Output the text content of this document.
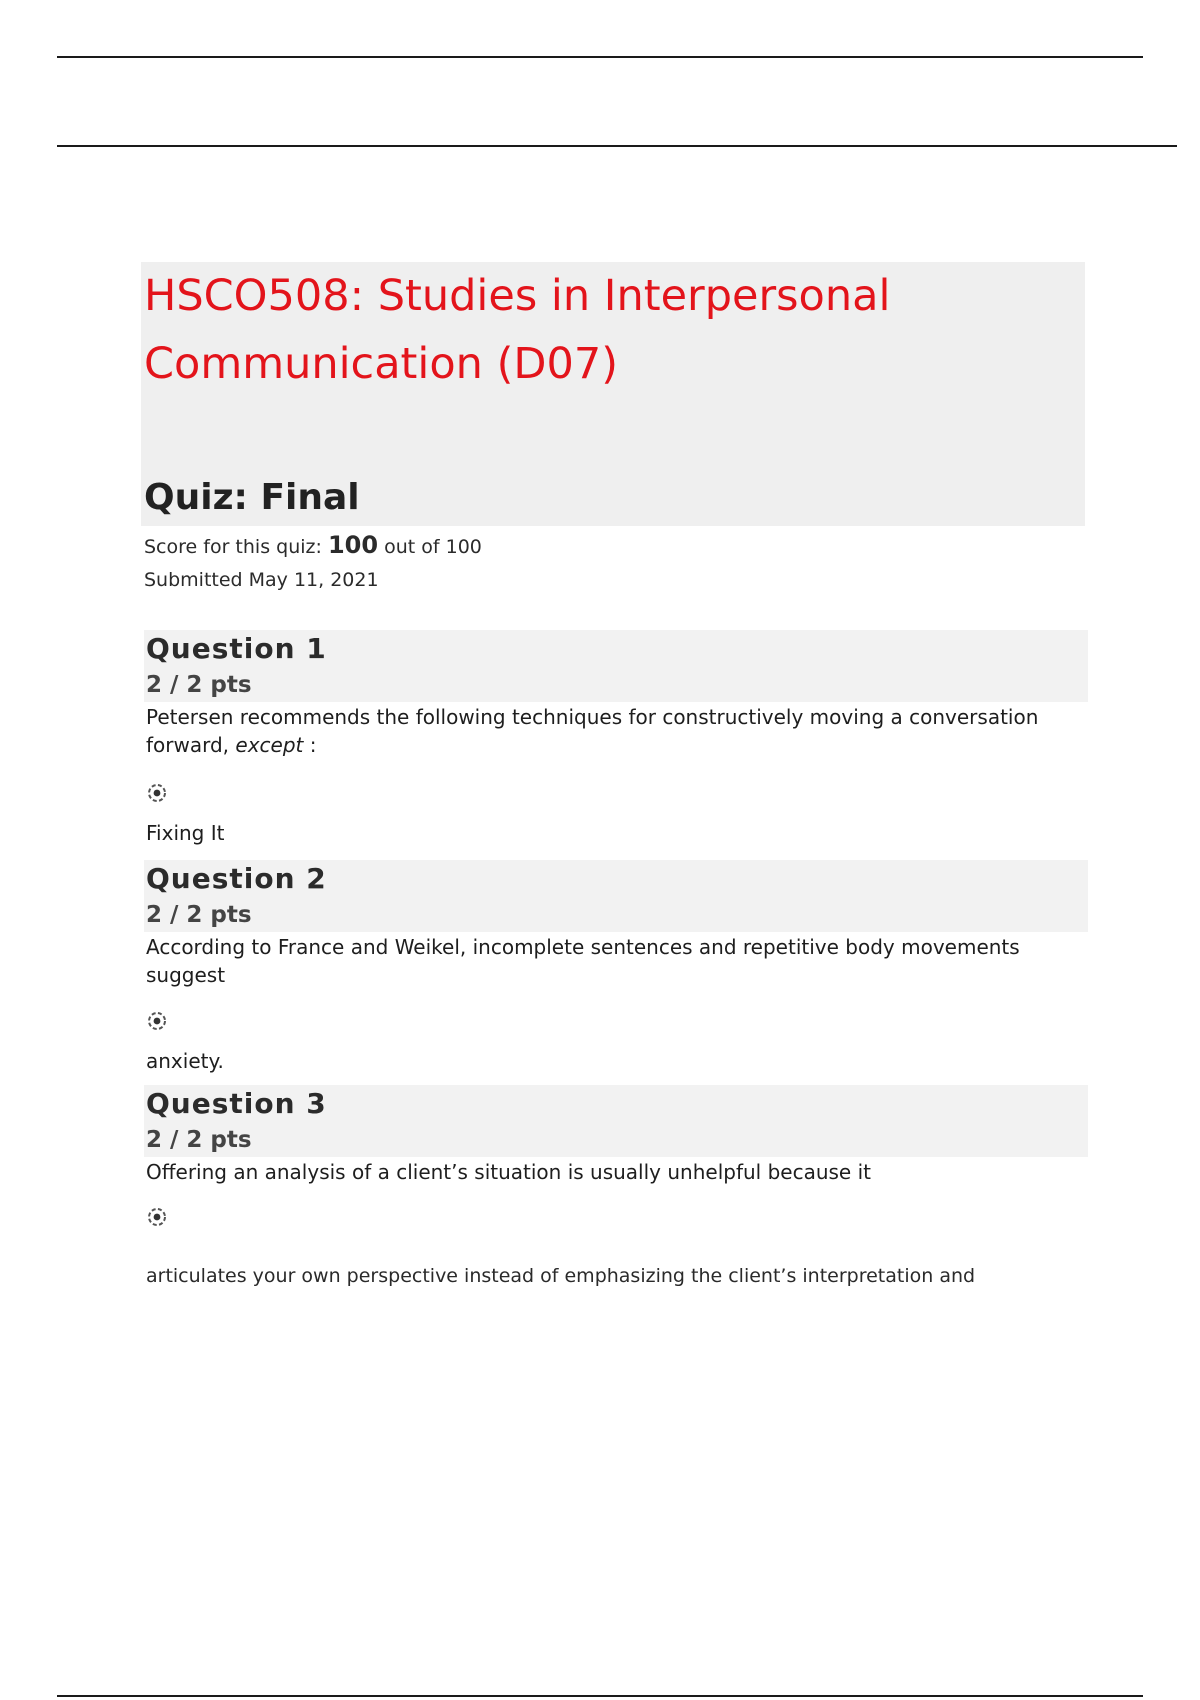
HSCO508: Studies in Interpersonal Communication (D07)
Quiz: Final
Score for this quiz: 100 out of 100
Submitted May 11, 2021
Question 1
2 / 2 pts

Petersen recommends the following techniques for constructively moving a conversation forward, except :

Fixing It
Question 2
2 / 2 pts

According to France and Weikel, incomplete sentences and repetitive body movements suggest

anxiety.
Question 3
2 / 2 pts

Offering an analysis of a client’s situation is usually unhelpful because it

articulates your own perspective instead of emphasizing the client’s interpretation and
